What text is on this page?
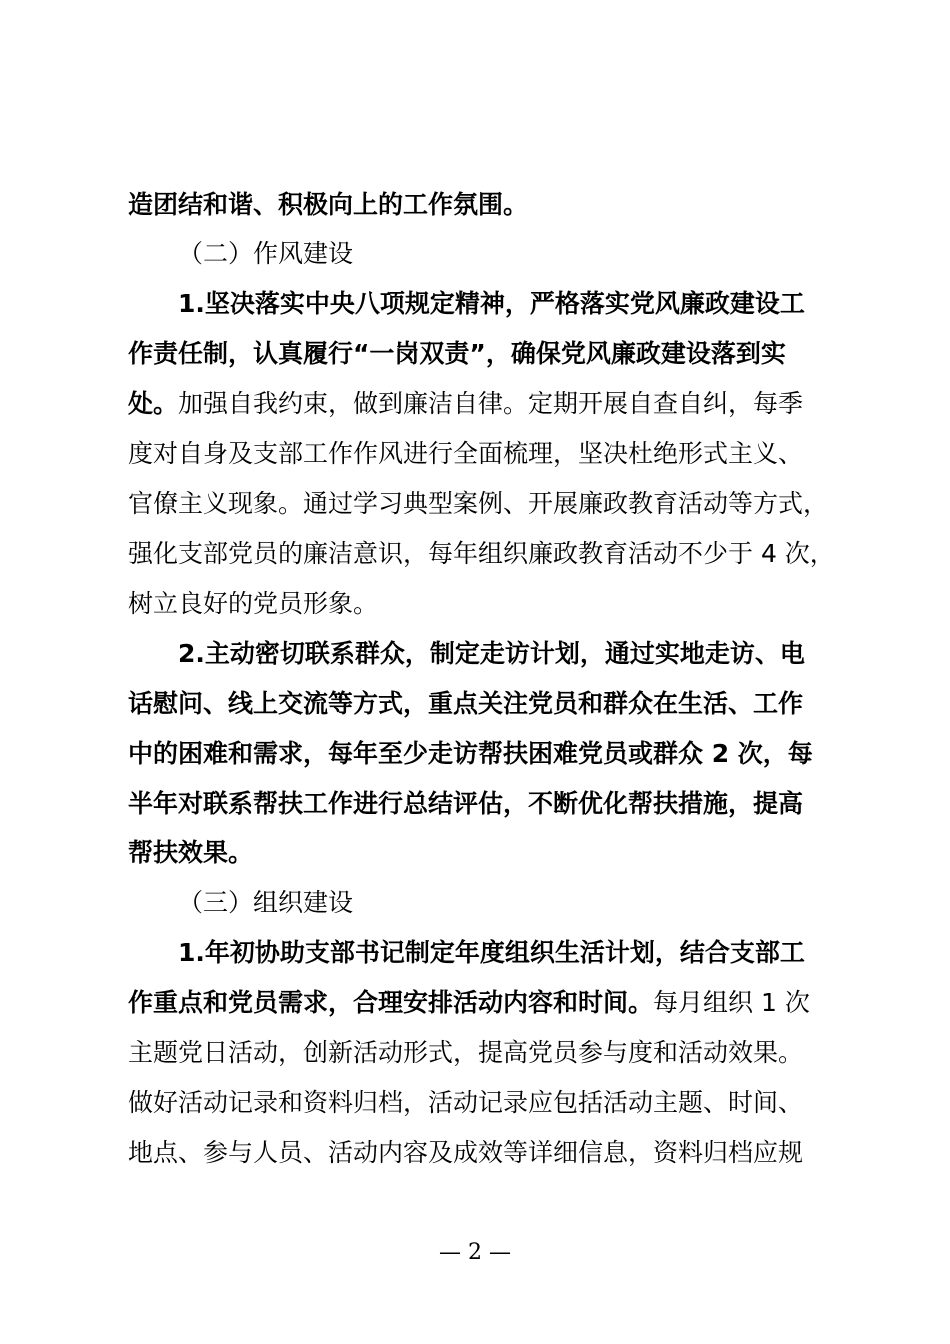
造团结和谐、积极向上的工作氛围。
（二）作风建设
1.坚决落实中央八项规定精神，严格落实党风廉政建设工
作责任制，认真履行“一岗双责”，确保党风廉政建设落到实
处。加强自我约束，做到廉洁自律。定期开展自查自纠，每季
度对自身及支部工作作风进行全面梳理，坚决杜绝形式主义、
官僚主义现象。通过学习典型案例、开展廉政教育活动等方式，
强化支部党员的廉洁意识，每年组织廉政教育活动不少于 4 次，
树立良好的党员形象。
2.主动密切联系群众，制定走访计划，通过实地走访、电
话慰问、线上交流等方式，重点关注党员和群众在生活、工作
中的困难和需求，每年至少走访帮扶困难党员或群众 2 次，每
半年对联系帮扶工作进行总结评估，不断优化帮扶措施，提高
帮扶效果。
（三）组织建设
1.年初协助支部书记制定年度组织生活计划，结合支部工
作重点和党员需求，合理安排活动内容和时间。每月组织 1 次
主题党日活动，创新活动形式，提高党员参与度和活动效果。
做好活动记录和资料归档，活动记录应包括活动主题、时间、
地点、参与人员、活动内容及成效等详细信息，资料归档应规
— 2 —
